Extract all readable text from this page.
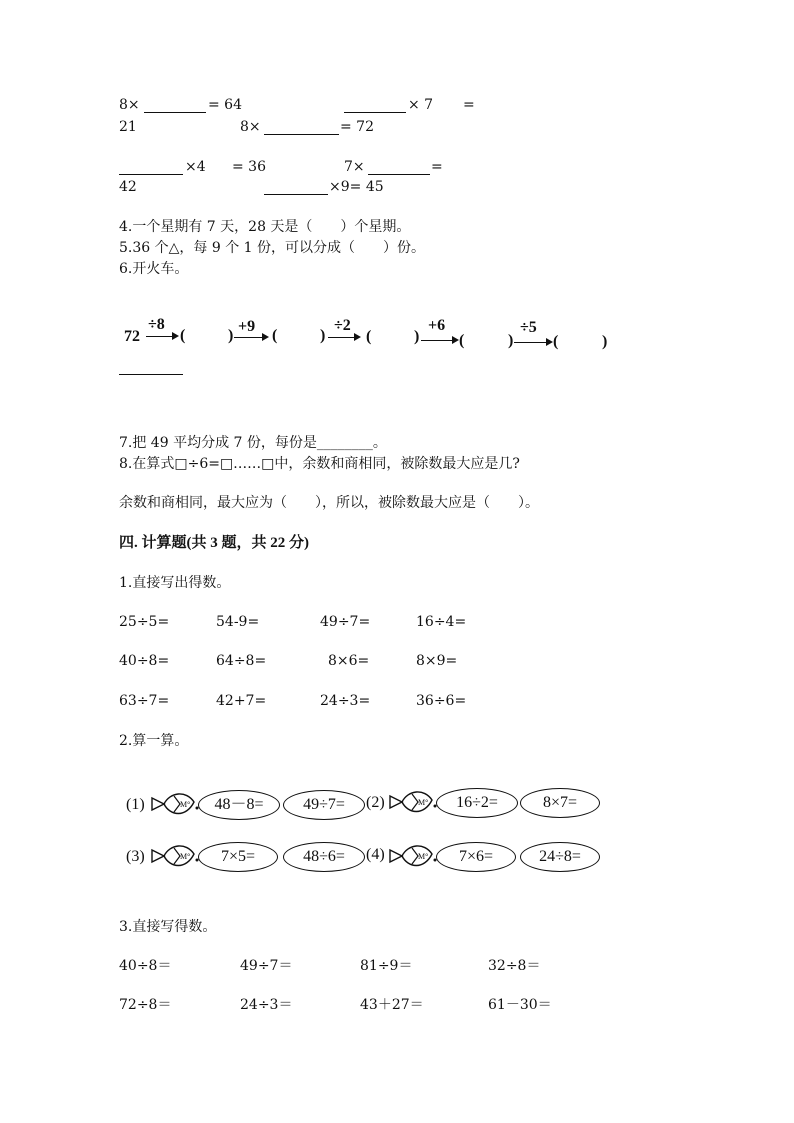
8×	= 64	× 7 =
21	8×	= 72
×4 = 36	7×	=
42	×9= 45
4.一个星期有 7 天，28 天是（　　）个星期。
5.36 个△，每 9 个 1 份，可以分成（　　）份。
6.开火车。
72
÷8
(	)
+9
(	)
÷2
(	)
+6
(	)
÷5
(	)
7.把 49 平均分成 7 份，每份是________。
8.在算式□÷6=□……□中，余数和商相同，被除数最大应是几?
余数和商相同，最大应为（　　），所以，被除数最大应是（　　）。
四. 计算题(共 3 题，共 22 分)
1.直接写出得数。
25÷5=	54-9=	49÷7=	16÷4=
40÷8=	64÷8=	8×6=	8×9=
63÷7=	42+7=	24÷3=	36÷6=
2.算一算。
(1)	M°	48－8=	49÷7=	(2)	M°	16÷2=	8×7=
(3)	M°	7×5=	48÷6=	(4)	M°	7×6=	24÷8=
3.直接写得数。
40÷8＝	49÷7＝	81÷9＝	32÷8＝
72÷8＝	24÷3＝	43＋27＝	61－30＝
